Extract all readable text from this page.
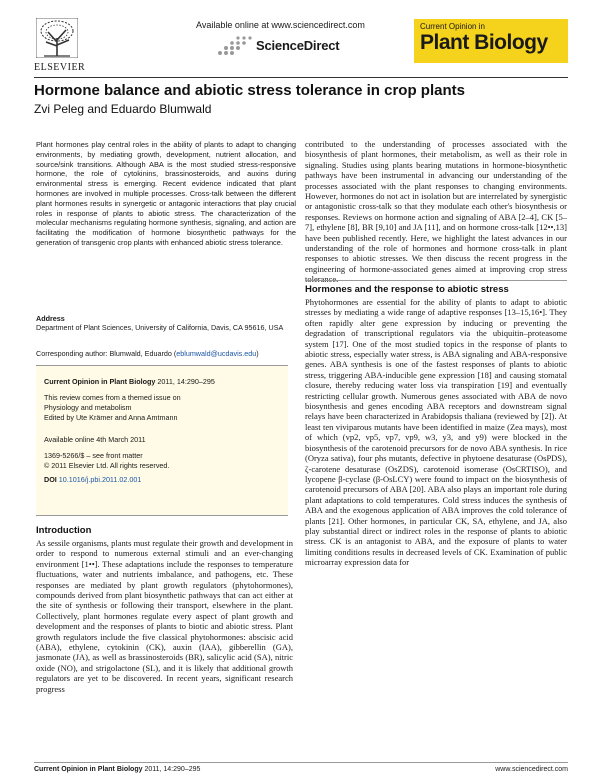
ELSEVIER
Available online at www.sciencedirect.com
ScienceDirect
Current Opinion in
Plant Biology
Hormone balance and abiotic stress tolerance in crop plants
Zvi Peleg and Eduardo Blumwald
Plant hormones play central roles in the ability of plants to adapt to changing environments, by mediating growth, development, nutrient allocation, and source/sink transitions. Although ABA is the most studied stress-responsive hormone, the role of cytokinins, brassinosteroids, and auxins during environmental stress is emerging. Recent evidence indicated that plant hormones are involved in multiple processes. Cross-talk between the different plant hormones results in synergetic or antagonic interactions that play crucial roles in response of plants to abiotic stress. The characterization of the molecular mechanisms regulating hormone synthesis, signaling, and action are facilitating the modification of hormone biosynthetic pathways for the generation of transgenic crop plants with enhanced abiotic stress tolerance.
Address
Department of Plant Sciences, University of California, Davis, CA 95616, USA
Corresponding author: Blumwald, Eduardo (eblumwald@ucdavis.edu)
Current Opinion in Plant Biology 2011, 14:290–295
This review comes from a themed issue on
Physiology and metabolism
Edited by Ute Krämer and Anna Amtmann
Available online 4th March 2011
1369-5266/$ – see front matter
© 2011 Elsevier Ltd. All rights reserved.
DOI 10.1016/j.pbi.2011.02.001
Introduction
As sessile organisms, plants must regulate their growth and development in order to respond to numerous external stimuli and an ever-changing environment [1••]. These adaptations include the responses to temperature fluctuations, water and nutrients imbalance, and pathogens, etc. These responses are mediated by plant growth regulators (phytohormones), compounds derived from plant biosynthetic pathways that can act either at the site of synthesis or following their transport, elsewhere in the plant. Collectively, plant hormones regulate every aspect of plant growth and development and the responses of plants to biotic and abiotic stress. Plant growth regulators include the five classical phytohormones: abscisic acid (ABA), ethylene, cytokinin (CK), auxin (IAA), gibberellin (GA), jasmonate (JA), as well as brassinosteroids (BR), salicylic acid (SA), nitric oxide (NO), and strigolactone (SL), and it is likely that additional growth regulators are yet to be discovered. In recent years, significant research progress
contributed to the understanding of processes associated with the biosynthesis of plant hormones, their metabolism, as well as their role in signaling. Studies using plants bearing mutations in hormone-biosynthetic pathways have been instrumental in advancing our understanding of the processes associated with the plant responses to changing environments. However, hormones do not act in isolation but are interrelated by synergistic or antagonistic cross-talk so that they modulate each other's biosynthesis or responses. Reviews on hormone action and signaling of ABA [2–4], CK [5–7], ethylene [8], BR [9,10] and JA [11], and on hormone cross-talk [12••,13] have been published recently. Here, we highlight the latest advances in our understanding of the role of hormones and hormone cross-talk in plant responses to abiotic stresses. We then discuss the recent progress in the engineering of hormone-associated genes aimed at improving crop stress
Hormones and the response to abiotic stress
Phytohormones are essential for the ability of plants to adapt to abiotic stresses by mediating a wide range of adaptive responses [13–15,16•]. They often rapidly alter gene expression by inducing or preventing the degradation of transcriptional regulators via the ubiquitin–proteasome system [17]. One of the most studied topics in the response of plants to abiotic stress, especially water stress, is ABA signaling and ABA-responsive genes. ABA synthesis is one of the fastest responses of plants to abiotic stress, triggering ABA-inducible gene expression [18] and causing stomatal closure, thereby reducing water loss via transpiration [19] and eventually restricting cellular growth. Numerous genes associated with ABA de novo biosynthesis and genes encoding ABA receptors and downstream signal relays have been characterized in Arabidopsis thaliana (reviewed by [2]). At least ten viviparous mutants have been identified in maize (Zea mays), most of which (vp2, vp5, vp7, vp9, w3, y3, and y9) were blocked in the biosynthesis of the carotenoid precursors for de novo ABA synthesis. In rice (Oryza sativa), four phs mutants, defective in phytoene desaturase (OsPDS), ζ-carotene desaturase (OsZDS), carotenoid isomerase (OsCRTISO), and lycopene β-cyclase (β-OsLCY) were found to impact on the biosynthesis of carotenoid precursors of ABA [20]. ABA also plays an important role during plant adaptations to cold temperatures. Cold stress induces the synthesis of ABA and the exogenous application of ABA improves the cold tolerance of plants [21]. Other hormones, in particular CK, SA, ethylene, and JA, also play substantial direct or indirect roles in the response of plants to abiotic stress. CK is an antagonist to ABA, and the exposure of plants to water limiting conditions results in decreased levels of CK. Examination of public microarray expression data for
Current Opinion in Plant Biology 2011, 14:290–295	www.sciencedirect.com
